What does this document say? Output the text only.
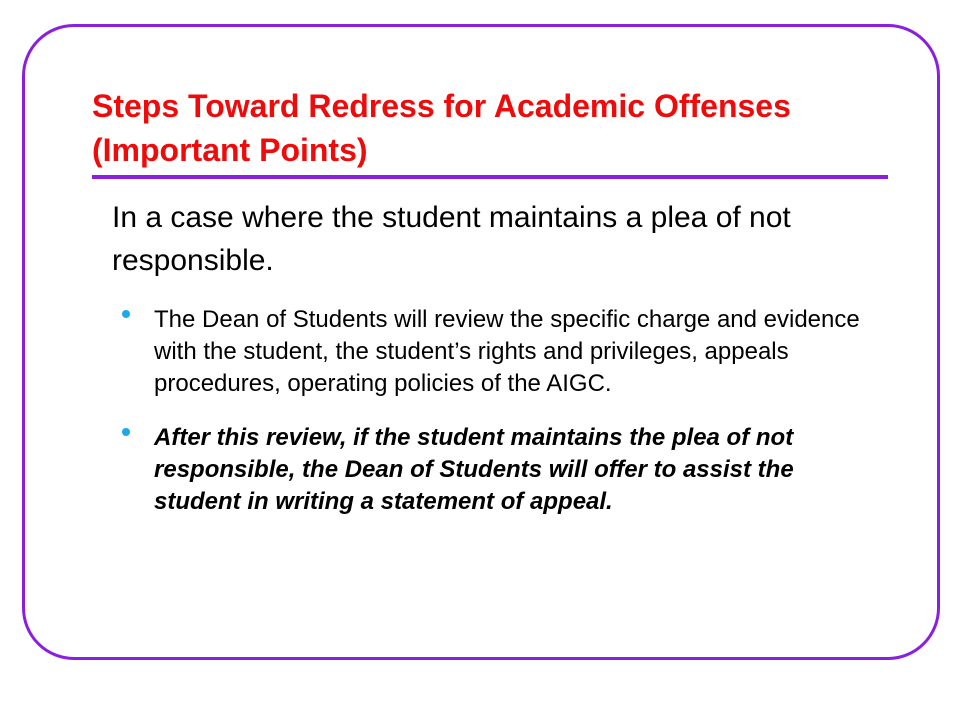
Steps Toward Redress for Academic Offenses (Important Points)

In a case where the student maintains a plea of not responsible.

The Dean of Students will review the specific charge and evidence with the student, the student’s rights and privileges, appeals procedures, operating policies of the AIGC.
After this review, if the student maintains the plea of not responsible, the Dean of Students will offer to assist the student in writing a statement of appeal.
